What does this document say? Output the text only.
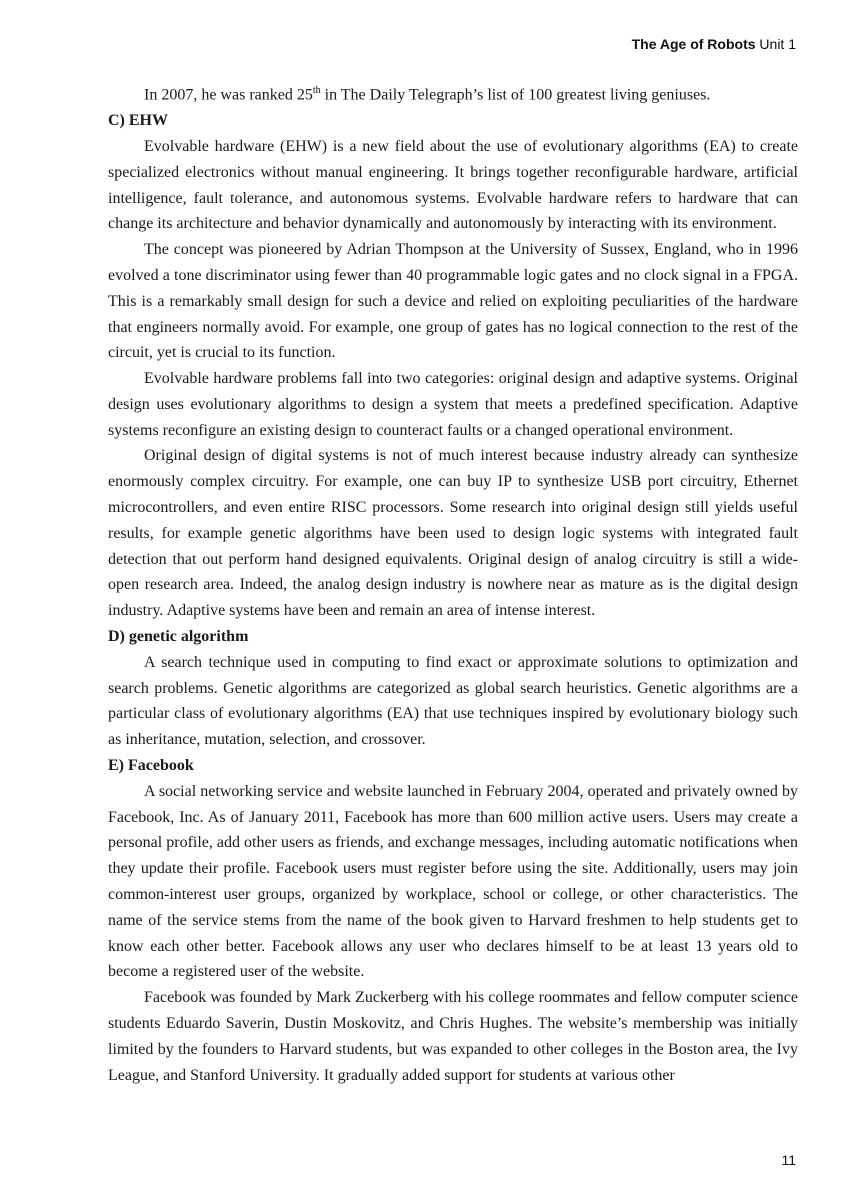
The Age of Robots Unit 1

In 2007, he was ranked 25th in The Daily Telegraph’s list of 100 greatest living geniuses.

C) EHW

Evolvable hardware (EHW) is a new field about the use of evolutionary algorithms (EA) to create specialized electronics without manual engineering. It brings together reconfigurable hardware, artificial intelligence, fault tolerance, and autonomous systems. Evolvable hardware refers to hardware that can change its architecture and behavior dynamically and autonomously by interacting with its environment.

The concept was pioneered by Adrian Thompson at the University of Sussex, England, who in 1996 evolved a tone discriminator using fewer than 40 programmable logic gates and no clock signal in a FPGA. This is a remarkably small design for such a device and relied on exploiting peculiarities of the hardware that engineers normally avoid. For example, one group of gates has no logical connection to the rest of the circuit, yet is crucial to its function.

Evolvable hardware problems fall into two categories: original design and adaptive systems. Original design uses evolutionary algorithms to design a system that meets a predefined specification. Adaptive systems reconfigure an existing design to counteract faults or a changed operational environment.

Original design of digital systems is not of much interest because industry already can synthesize enormously complex circuitry. For example, one can buy IP to synthesize USB port circuitry, Ethernet microcontrollers, and even entire RISC processors. Some research into original design still yields useful results, for example genetic algorithms have been used to design logic systems with integrated fault detection that out perform hand designed equivalents. Original design of analog circuitry is still a wide-open research area. Indeed, the analog design industry is nowhere near as mature as is the digital design industry. Adaptive systems have been and remain an area of intense interest.

D) genetic algorithm

A search technique used in computing to find exact or approximate solutions to optimization and search problems. Genetic algorithms are categorized as global search heuristics. Genetic algorithms are a particular class of evolutionary algorithms (EA) that use techniques inspired by evolutionary biology such as inheritance, mutation, selection, and crossover.

E) Facebook

A social networking service and website launched in February 2004, operated and privately owned by Facebook, Inc. As of January 2011, Facebook has more than 600 million active users. Users may create a personal profile, add other users as friends, and exchange messages, including automatic notifications when they update their profile. Facebook users must register before using the site. Additionally, users may join common-interest user groups, organized by workplace, school or college, or other characteristics. The name of the service stems from the name of the book given to Harvard freshmen to help students get to know each other better. Facebook allows any user who declares himself to be at least 13 years old to become a registered user of the website.

Facebook was founded by Mark Zuckerberg with his college roommates and fellow computer science students Eduardo Saverin, Dustin Moskovitz, and Chris Hughes. The website’s membership was initially limited by the founders to Harvard students, but was expanded to other colleges in the Boston area, the Ivy League, and Stanford University. It gradually added support for students at various other

11
